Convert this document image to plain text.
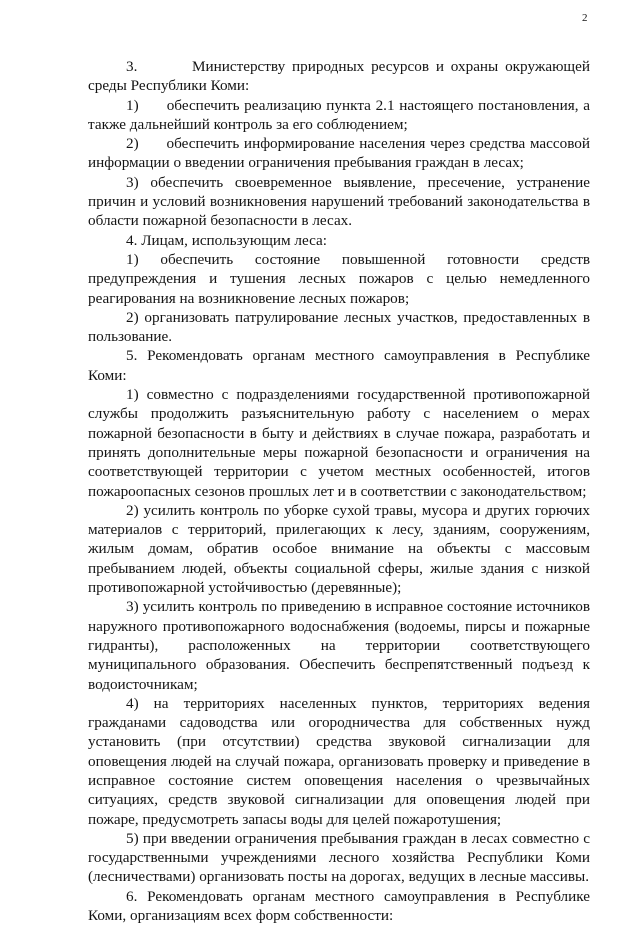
2

3.        Министерству природных ресурсов и охраны окружающей среды Республики Коми:

1)      обеспечить реализацию пункта 2.1 настоящего постановления, а также дальнейший контроль за его соблюдением;

2)      обеспечить информирование населения через средства массовой информации о введении ограничения пребывания граждан в лесах;

3) обеспечить своевременное выявление, пресечение, устранение причин и условий возникновения нарушений требований законодательства в области пожарной безопасности в лесах.

4. Лицам, использующим леса:

1) обеспечить состояние повышенной готовности средств предупреждения и тушения лесных пожаров с целью немедленного реагирования на возникновение лесных пожаров;

2) организовать патрулирование лесных участков, предоставленных в пользование.

5. Рекомендовать органам местного самоуправления в Республике Коми:

1) совместно с подразделениями государственной противопожарной службы продолжить разъяснительную работу с населением о мерах пожарной безопасности в быту и действиях в случае пожара, разработать и принять дополнительные меры пожарной безопасности и ограничения на соответствующей территории с учетом местных особенностей, итогов пожароопасных сезонов прошлых лет и в соответствии с законодательством;

2) усилить контроль по уборке сухой травы, мусора и других горючих материалов с территорий, прилегающих к лесу, зданиям, сооружениям, жилым домам, обратив особое внимание на объекты с массовым пребыванием людей, объекты социальной сферы, жилые здания с низкой противопожарной устойчивостью (деревянные);

3) усилить контроль по приведению в исправное состояние источников наружного противопожарного водоснабжения (водоемы, пирсы и пожарные гидранты), расположенных на территории соответствующего муниципального образования. Обеспечить беспрепятственный подъезд к водоисточникам;

4) на территориях населенных пунктов, территориях ведения гражданами садоводства или огородничества для собственных нужд установить (при отсутствии) средства звуковой сигнализации для оповещения людей на случай пожара, организовать проверку и приведение в исправное состояние систем оповещения населения о чрезвычайных ситуациях, средств звуковой сигнализации для оповещения людей при пожаре, предусмотреть запасы воды для целей пожаротушения;

5) при введении ограничения пребывания граждан в лесах совместно с государственными учреждениями лесного хозяйства Республики Коми (лесничествами) организовать посты на дорогах, ведущих в лесные массивы.

6. Рекомендовать органам местного самоуправления в Республике Коми, организациям всех форм собственности:
